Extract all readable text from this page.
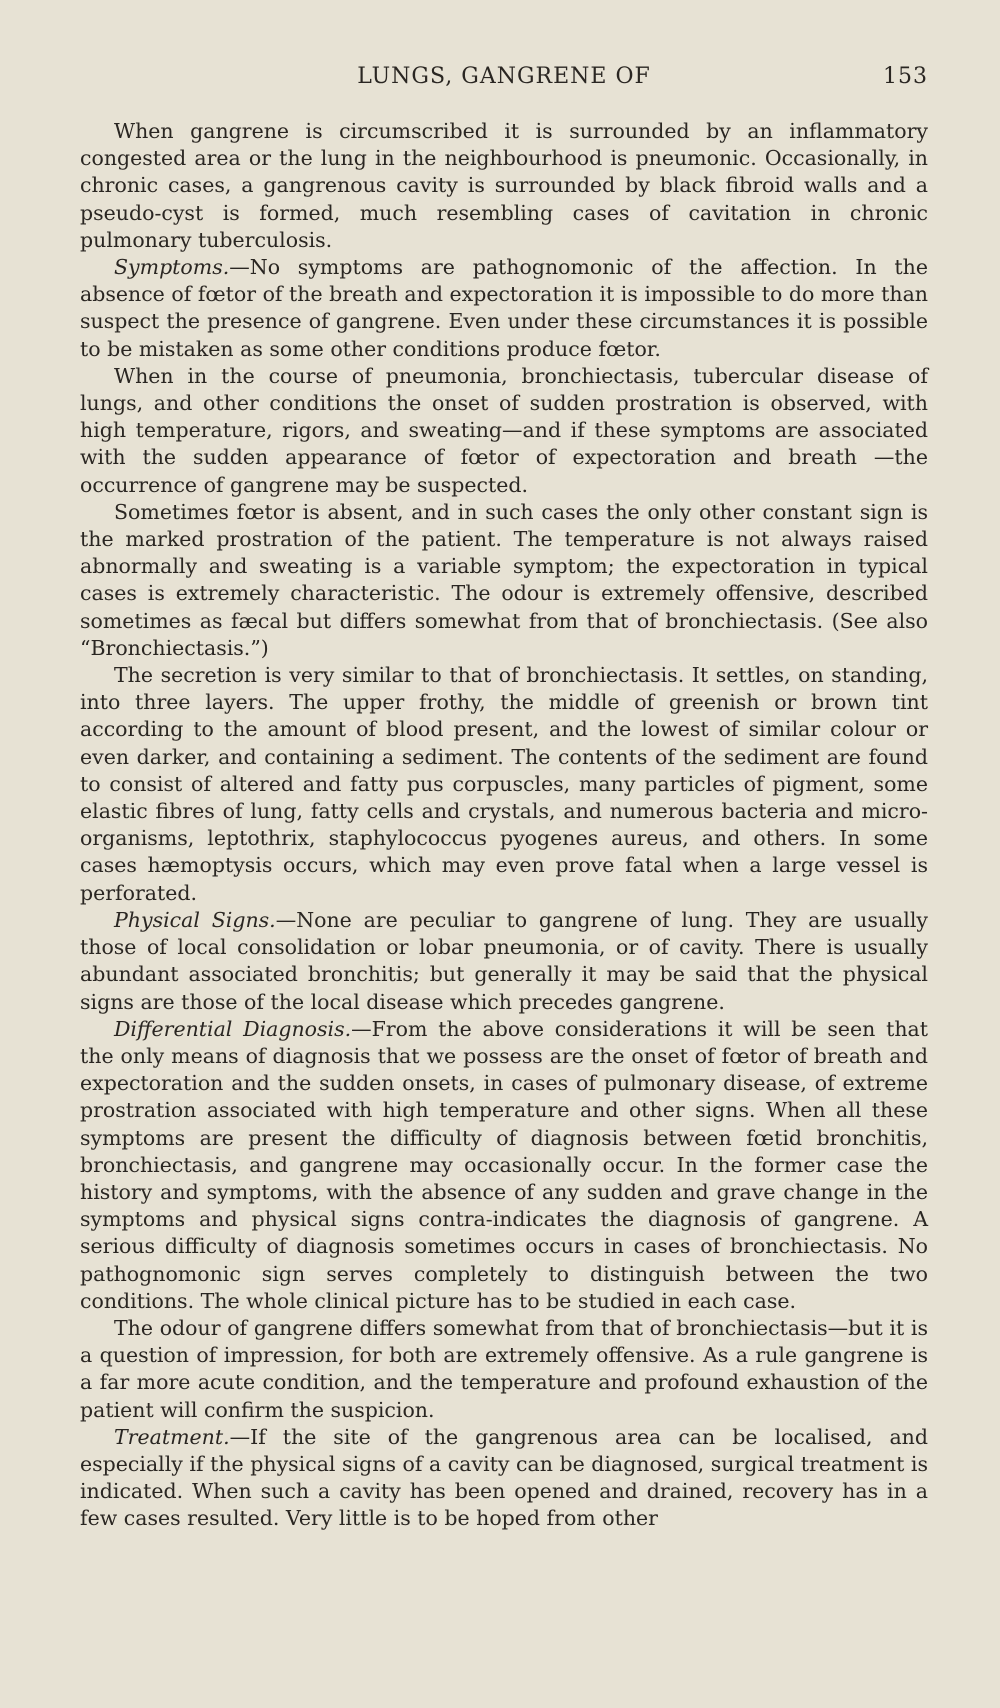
LUNGS, GANGRENE OF	153

When gangrene is circumscribed it is surrounded by an inflammatory congested area or the lung in the neighbourhood is pneumonic. Occasionally, in chronic cases, a gangrenous cavity is surrounded by black fibroid walls and a pseudo-cyst is formed, much resembling cases of cavitation in chronic pulmonary tuberculosis.

Symptoms.—No symptoms are pathognomonic of the affection. In the absence of fœtor of the breath and expectoration it is impossible to do more than suspect the presence of gangrene. Even under these circumstances it is possible to be mistaken as some other conditions produce fœtor.

When in the course of pneumonia, bronchiectasis, tubercular disease of lungs, and other conditions the onset of sudden prostration is observed, with high temperature, rigors, and sweating—and if these symptoms are associated with the sudden appearance of fœtor of expectoration and breath —the occurrence of gangrene may be suspected.

Sometimes fœtor is absent, and in such cases the only other constant sign is the marked prostration of the patient. The temperature is not always raised abnormally and sweating is a variable symptom; the expectoration in typical cases is extremely characteristic. The odour is extremely offensive, described sometimes as fæcal but differs somewhat from that of bronchiectasis. (See also “Bronchiectasis.”)

The secretion is very similar to that of bronchiectasis. It settles, on standing, into three layers. The upper frothy, the middle of greenish or brown tint according to the amount of blood present, and the lowest of similar colour or even darker, and containing a sediment. The contents of the sediment are found to consist of altered and fatty pus corpuscles, many particles of pigment, some elastic fibres of lung, fatty cells and crystals, and numerous bacteria and micro-organisms, leptothrix, staphylococcus pyogenes aureus, and others. In some cases hæmoptysis occurs, which may even prove fatal when a large vessel is perforated.

Physical Signs.—None are peculiar to gangrene of lung. They are usually those of local consolidation or lobar pneumonia, or of cavity. There is usually abundant associated bronchitis; but generally it may be said that the physical signs are those of the local disease which precedes gangrene.

Differential Diagnosis.—From the above considerations it will be seen that the only means of diagnosis that we possess are the onset of fœtor of breath and expectoration and the sudden onsets, in cases of pulmonary disease, of extreme prostration associated with high temperature and other signs. When all these symptoms are present the difficulty of diagnosis between fœtid bronchitis, bronchiectasis, and gangrene may occasionally occur. In the former case the history and symptoms, with the absence of any sudden and grave change in the symptoms and physical signs contra-indicates the diagnosis of gangrene. A serious difficulty of diagnosis sometimes occurs in cases of bronchiectasis. No pathognomonic sign serves completely to distinguish between the two conditions. The whole clinical picture has to be studied in each case.

The odour of gangrene differs somewhat from that of bronchiectasis—but it is a question of impression, for both are extremely offensive. As a rule gangrene is a far more acute condition, and the temperature and profound exhaustion of the patient will confirm the suspicion.

Treatment.—If the site of the gangrenous area can be localised, and especially if the physical signs of a cavity can be diagnosed, surgical treatment is indicated. When such a cavity has been opened and drained, recovery has in a few cases resulted. Very little is to be hoped from other
